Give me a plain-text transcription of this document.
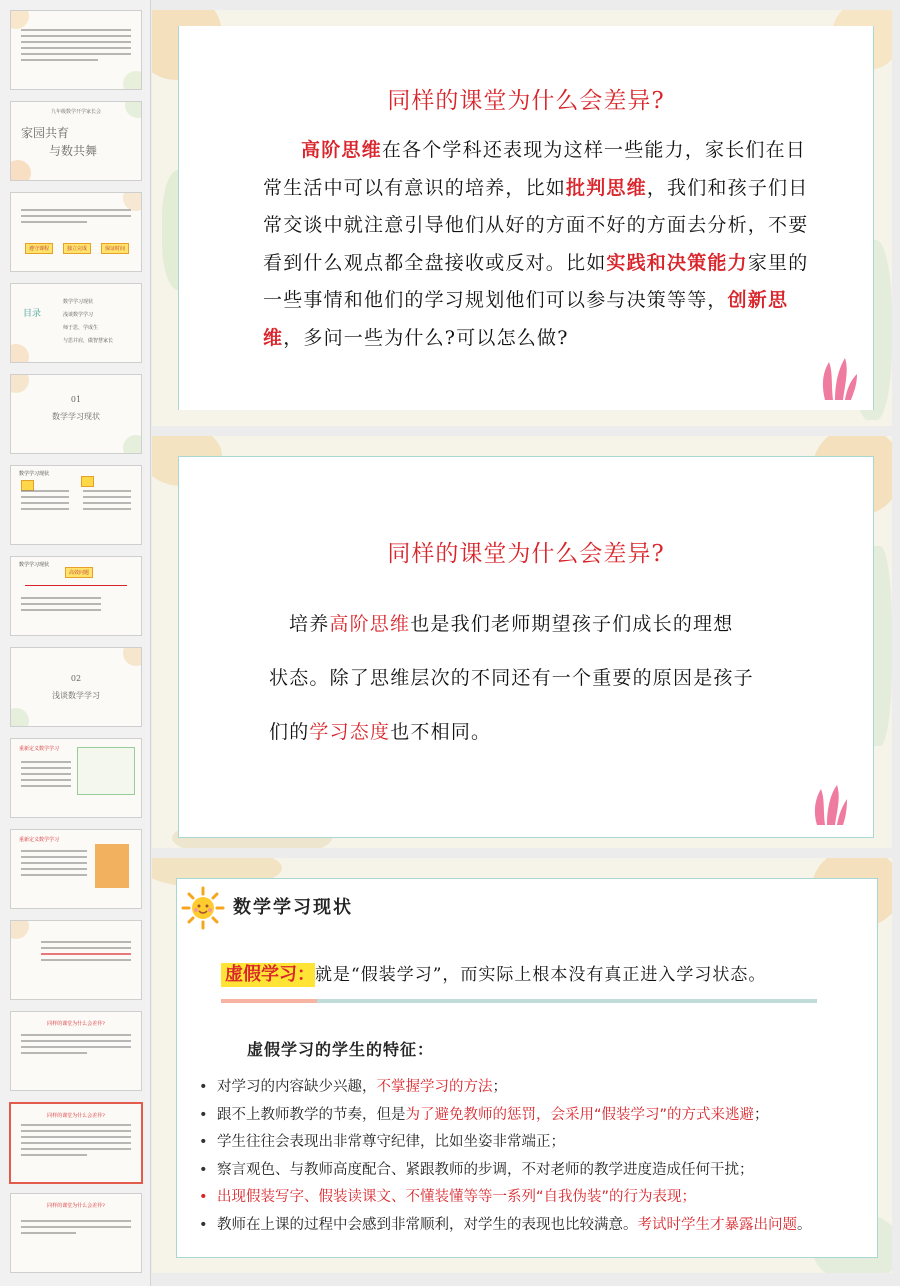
九年级数学开学家长会
家园共育
与数共舞
遵守课程	独立完成	保证时间
目录
数学学习现状
浅谈数学学习
师于思，学成生
与思并肩，做智慧家长
01
数学学习现状
数学学习现状

数学学习现状
高效问题
02
浅谈数学学习
重新定义数学学习
重新定义数学学习
同样的课堂为什么会差异?
同样的课堂为什么会差异?
同样的课堂为什么会差异?
同样的课堂为什么会差异?
高阶思维在各个学科还表现为这样一些能力，家长们在日常生活中可以有意识的培养，比如批判思维，我们和孩子们日常交谈中就注意引导他们从好的方面不好的方面去分析，不要看到什么观点都全盘接收或反对。比如实践和决策能力家里的一些事情和他们的学习规划他们可以参与决策等等，创新思维，多问一些为什么?可以怎么做?
同样的课堂为什么会差异?
培养高阶思维也是我们老师期望孩子们成长的理想
状态。除了思维层次的不同还有一个重要的原因是孩子
们的学习态度也不相同。
数学学习现状
虚假学习： 就是“假装学习”，而实际上根本没有真正进入学习状态。
虚假学习的学生的特征：
• 对学习的内容缺少兴趣，不掌握学习的方法；
• 跟不上教师教学的节奏，但是为了避免教师的惩罚，会采用“假装学习”的方式来逃避；
• 学生往往会表现出非常尊守纪律，比如坐姿非常端正；
• 察言观色、与教师高度配合、紧跟教师的步调，不对老师的教学进度造成任何干扰；
• 出现假装写字、假装读课文、不懂装懂等等一系列“自我伪装”的行为表现；
• 教师在上课的过程中会感到非常顺利，对学生的表现也比较满意。考试时学生才暴露出问题。
